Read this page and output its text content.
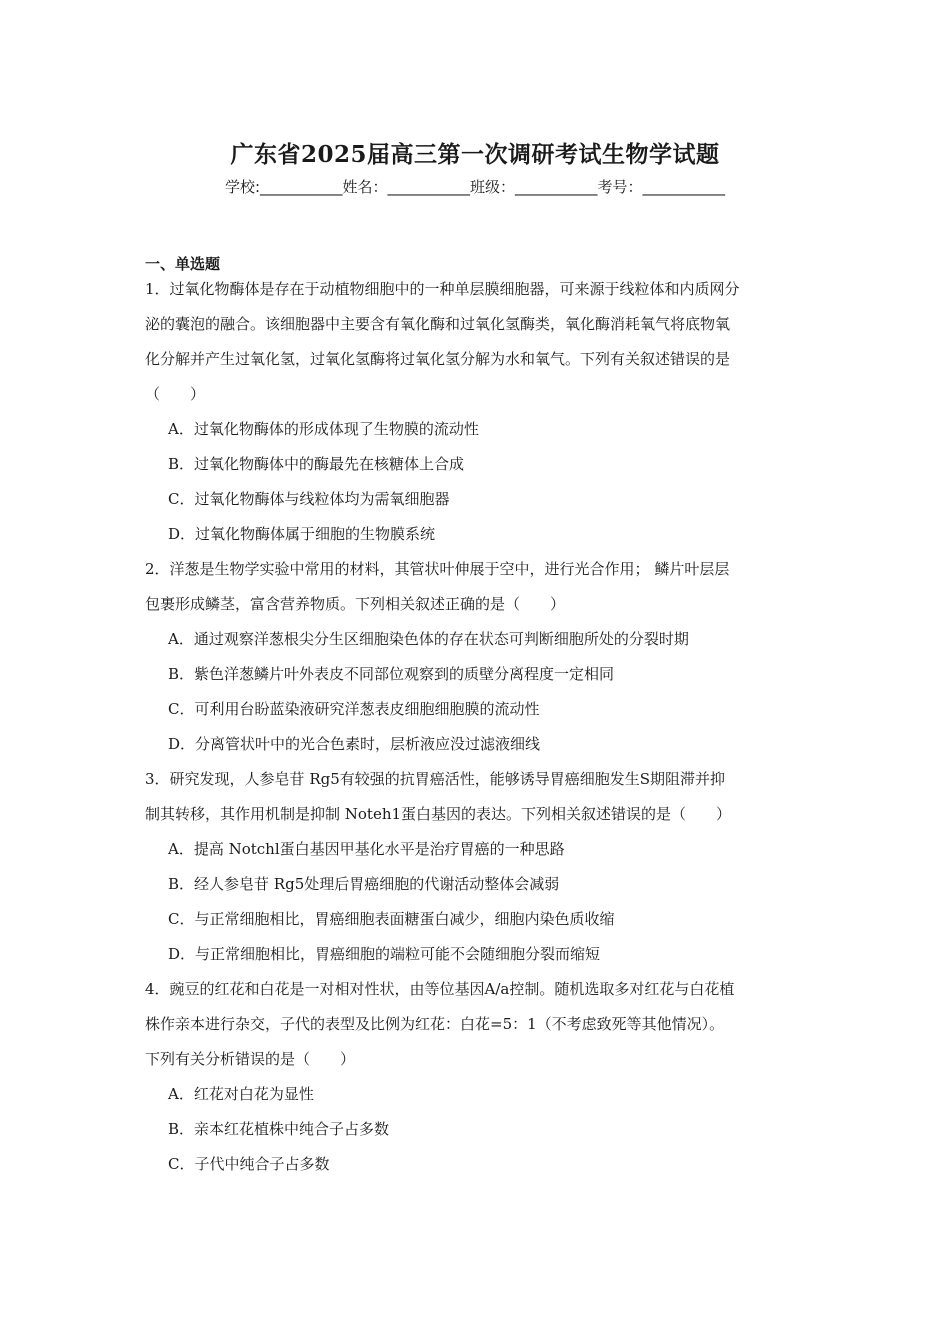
广东省2025届高三第一次调研考试生物学试题
学校:___________姓名：___________班级：___________考号：___________
一、单选题

1．过氧化物酶体是存在于动植物细胞中的一种单层膜细胞器，可来源于线粒体和内质网分
泌的囊泡的融合。该细胞器中主要含有氧化酶和过氧化氢酶类，氧化酶消耗氧气将底物氧
化分解并产生过氧化氢，过氧化氢酶将过氧化氢分解为水和氧气。下列有关叙述错误的是
（　　）

A．过氧化物酶体的形成体现了生物膜的流动性
B．过氧化物酶体中的酶最先在核糖体上合成
C．过氧化物酶体与线粒体均为需氧细胞器
D．过氧化物酶体属于细胞的生物膜系统

2．洋葱是生物学实验中常用的材料，其管状叶伸展于空中，进行光合作用； 鳞片叶层层
包裹形成鳞茎，富含营养物质。下列相关叙述正确的是（　　）

A．通过观察洋葱根尖分生区细胞染色体的存在状态可判断细胞所处的分裂时期
B．紫色洋葱鳞片叶外表皮不同部位观察到的质壁分离程度一定相同
C．可利用台盼蓝染液研究洋葱表皮细胞细胞膜的流动性
D．分离管状叶中的光合色素时，层析液应没过滤液细线

3．研究发现，人参皂苷 Rg5有较强的抗胃癌活性，能够诱导胃癌细胞发生S期阻滞并抑
制其转移，其作用机制是抑制 Noteh1蛋白基因的表达。下列相关叙述错误的是（　　）

A．提高 Notchl蛋白基因甲基化水平是治疗胃癌的一种思路
B．经人参皂苷 Rg5处理后胃癌细胞的代谢活动整体会减弱
C．与正常细胞相比，胃癌细胞表面糖蛋白减少，细胞内染色质收缩
D．与正常细胞相比，胃癌细胞的端粒可能不会随细胞分裂而缩短

4．豌豆的红花和白花是一对相对性状，由等位基因A/a控制。随机选取多对红花与白花植
株作亲本进行杂交，子代的表型及比例为红花：白花=5：1（不考虑致死等其他情况）。
下列有关分析错误的是（　　）

A．红花对白花为显性
B．亲本红花植株中纯合子占多数
C．子代中纯合子占多数
